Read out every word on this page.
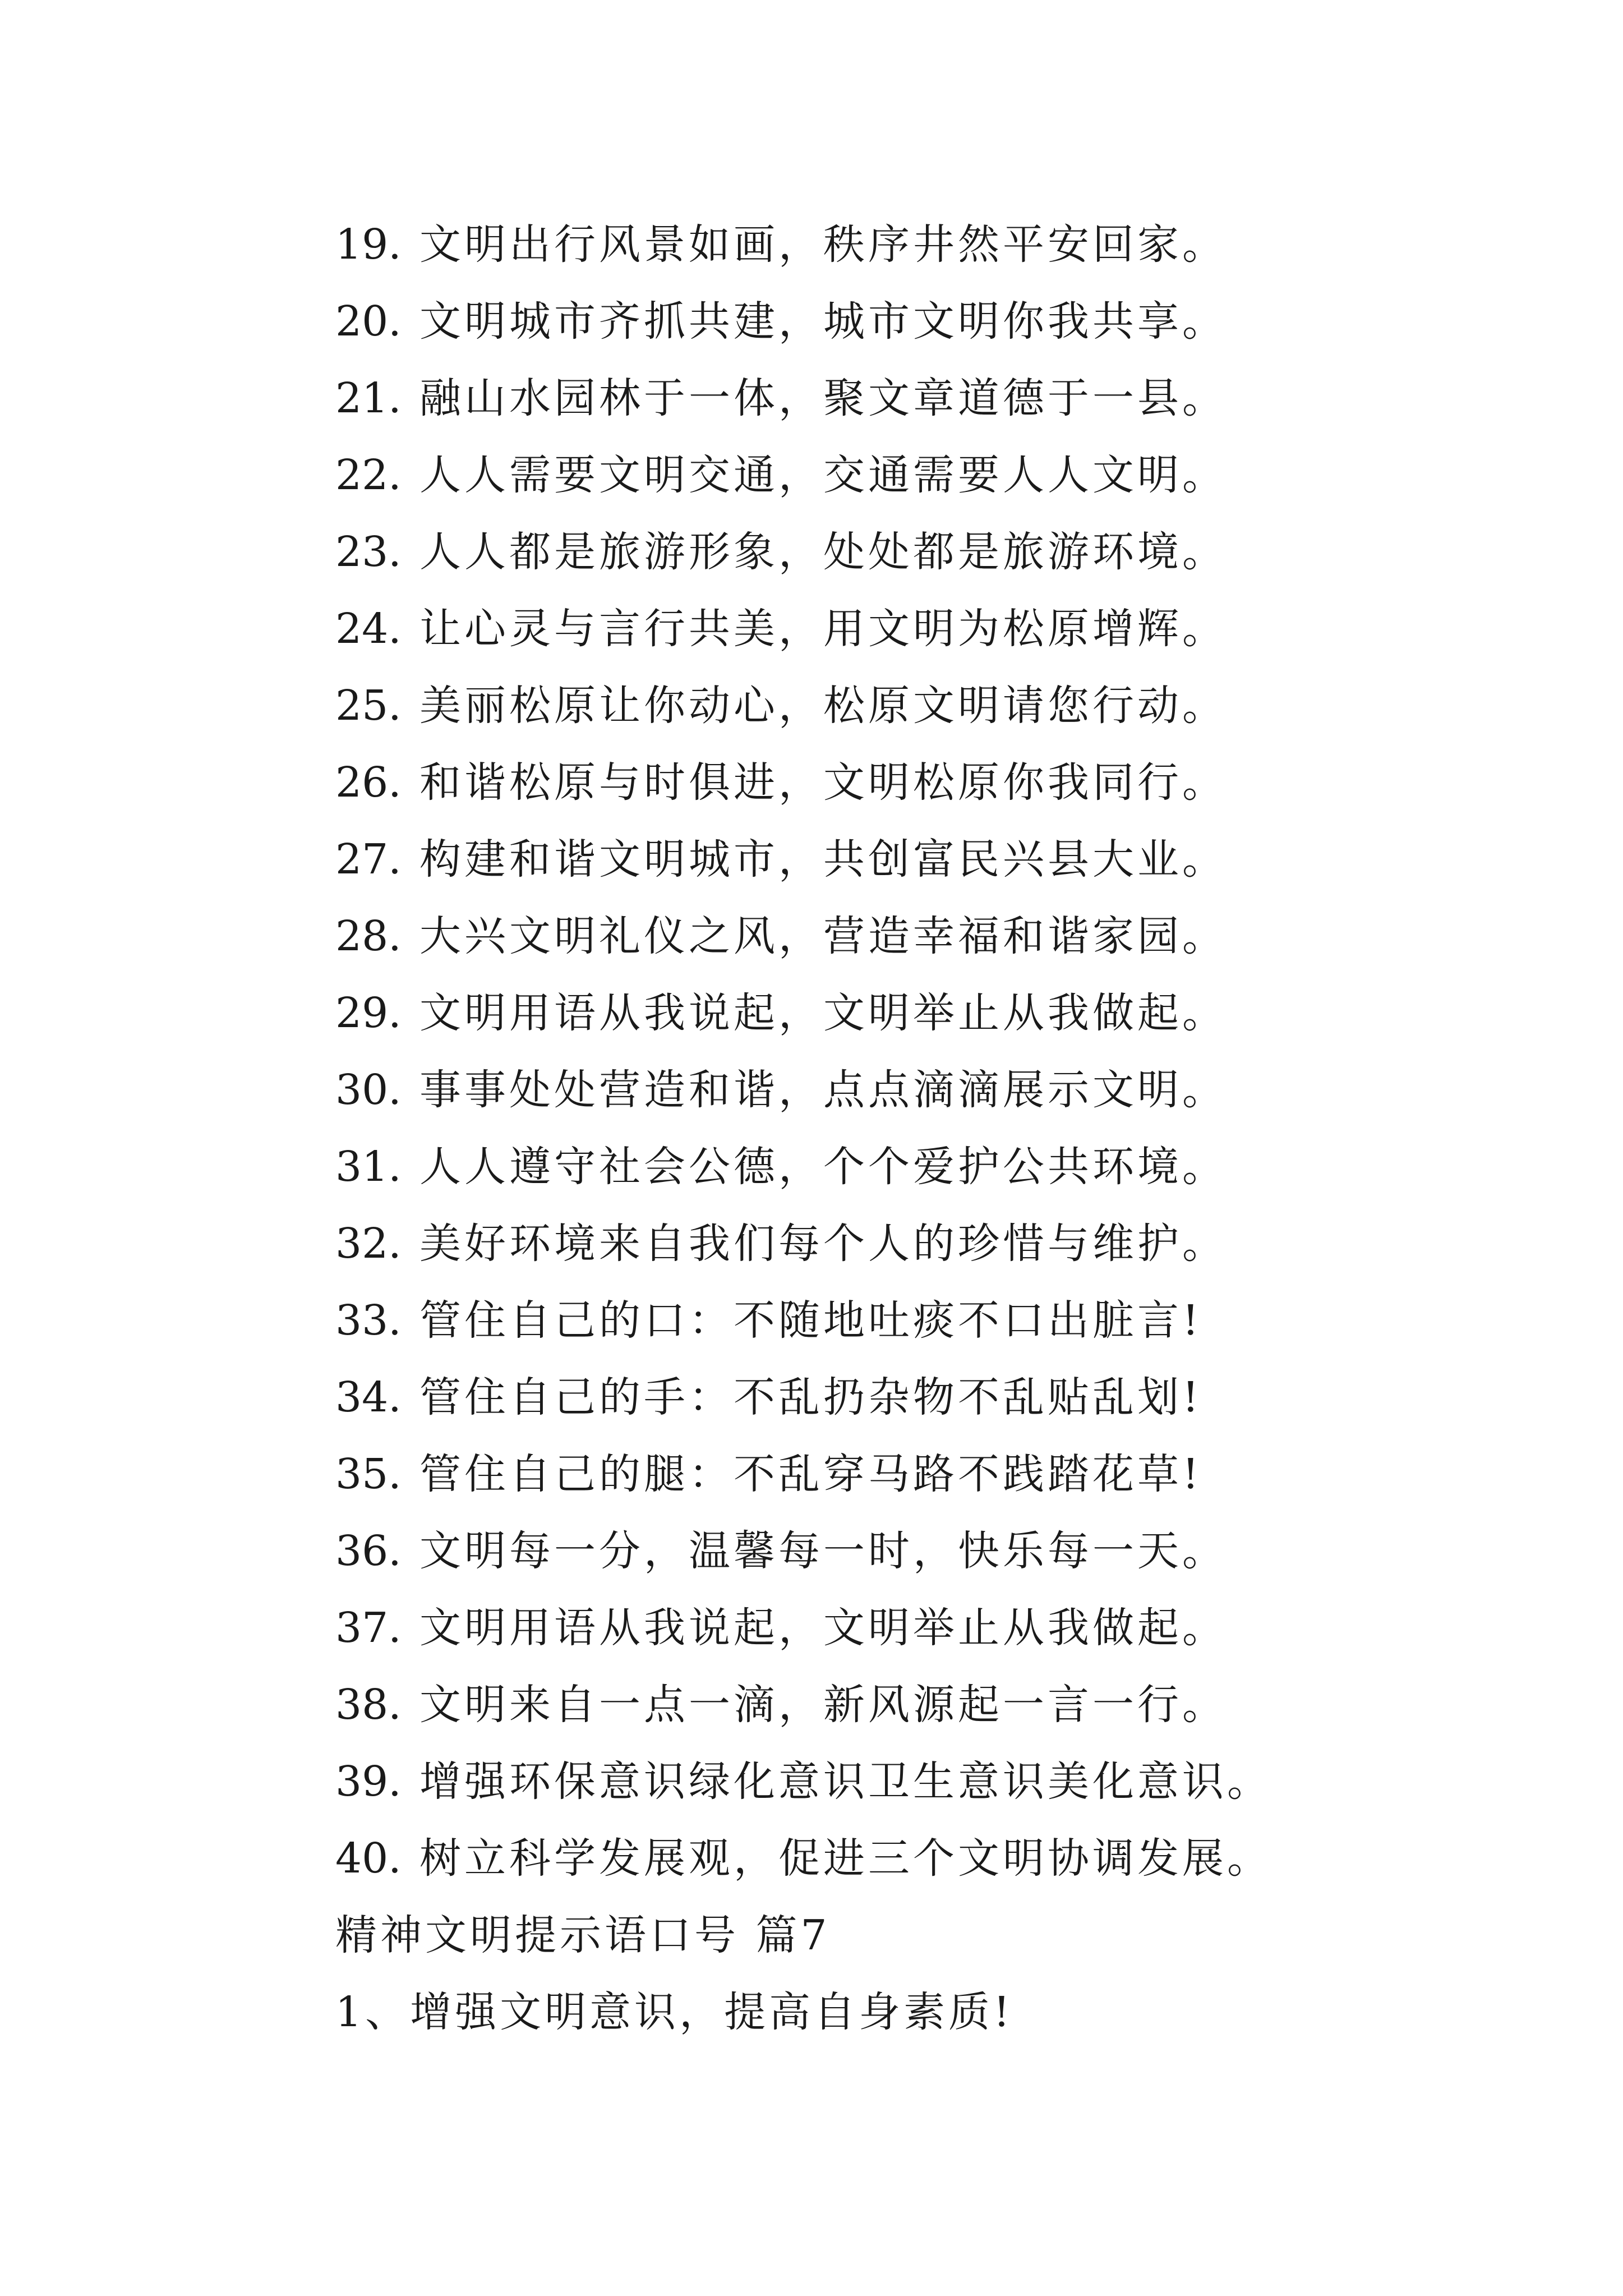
19. 文明出行风景如画，秩序井然平安回家。
20. 文明城市齐抓共建，城市文明你我共享。
21. 融山水园林于一体，聚文章道德于一县。
22. 人人需要文明交通，交通需要人人文明。
23. 人人都是旅游形象，处处都是旅游环境。
24. 让心灵与言行共美，用文明为松原增辉。
25. 美丽松原让你动心，松原文明请您行动。
26. 和谐松原与时俱进，文明松原你我同行。
27. 构建和谐文明城市，共创富民兴县大业。
28. 大兴文明礼仪之风，营造幸福和谐家园。
29. 文明用语从我说起，文明举止从我做起。
30. 事事处处营造和谐，点点滴滴展示文明。
31. 人人遵守社会公德，个个爱护公共环境。
32. 美好环境来自我们每个人的珍惜与维护。
33. 管住自己的口：不随地吐痰不口出脏言!
34. 管住自己的手：不乱扔杂物不乱贴乱划!
35. 管住自己的腿：不乱穿马路不践踏花草!
36. 文明每一分，温馨每一时，快乐每一天。
37. 文明用语从我说起，文明举止从我做起。
38. 文明来自一点一滴，新风源起一言一行。
39. 增强环保意识绿化意识卫生意识美化意识。
40. 树立科学发展观，促进三个文明协调发展。
精神文明提示语口号 篇7
1、增强文明意识，提高自身素质!
